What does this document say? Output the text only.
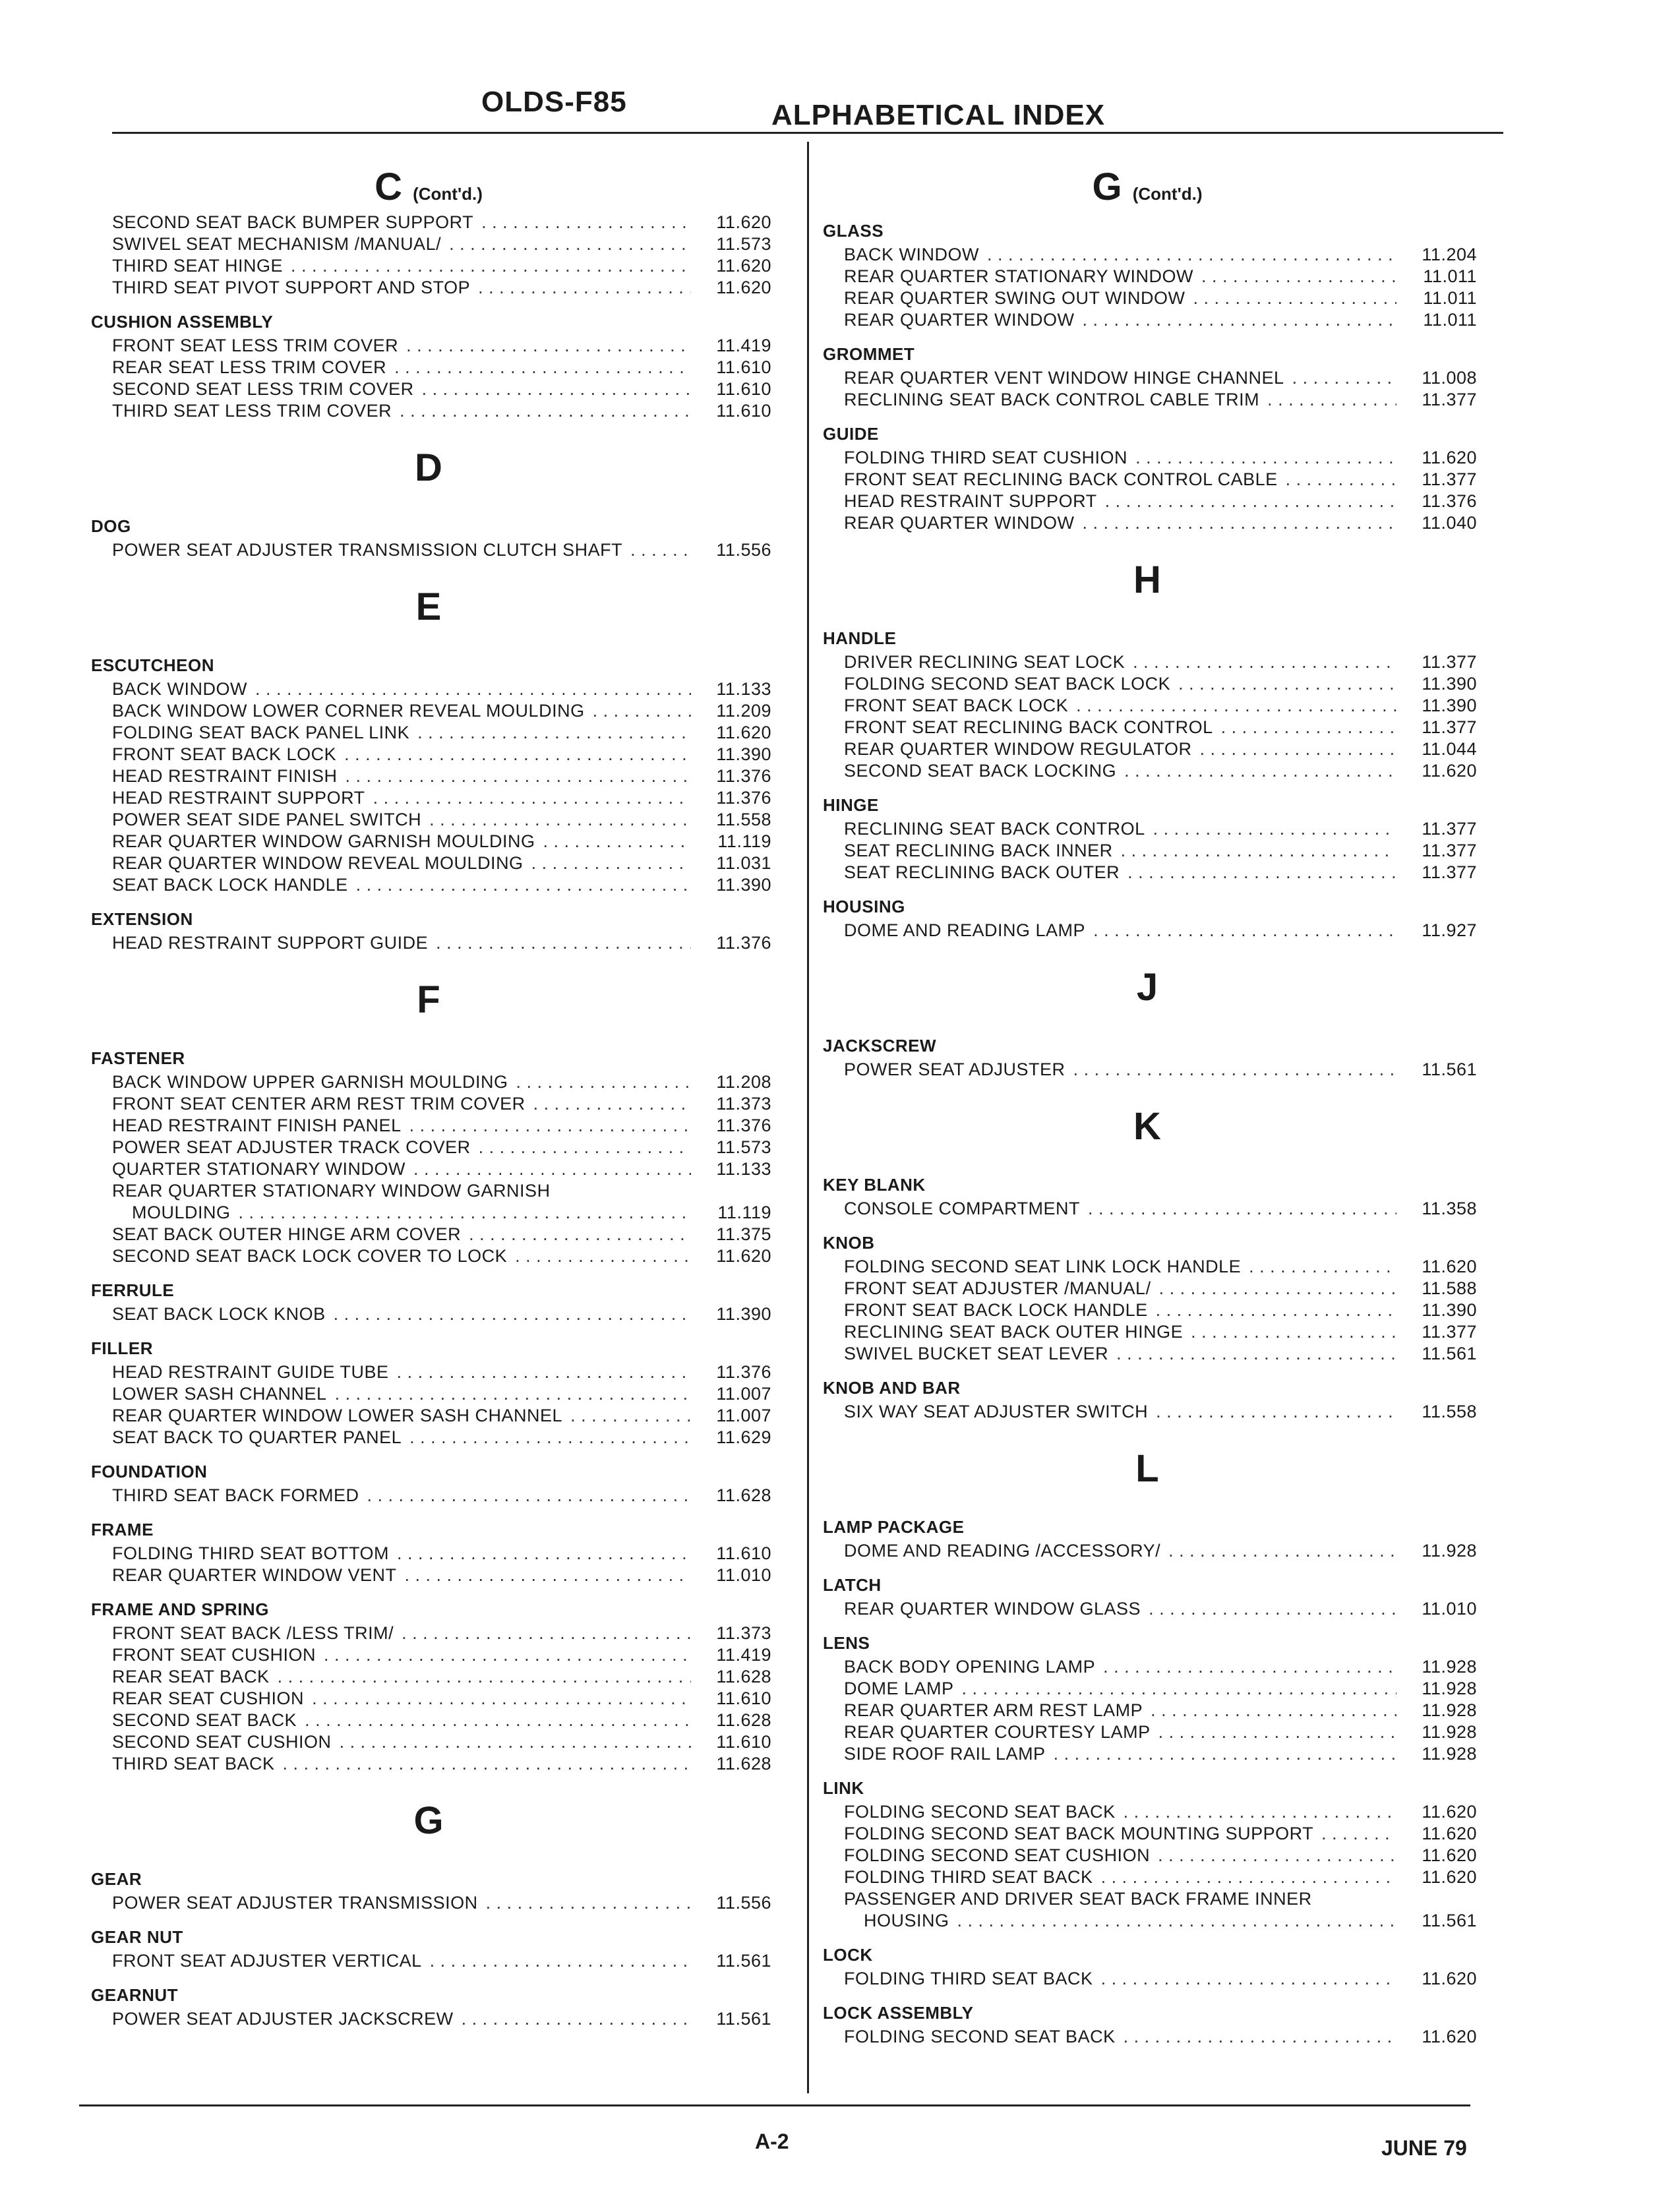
OLDS-F85	ALPHABETICAL INDEX
C (Cont'd.)
SECOND SEAT BACK BUMPER SUPPORT . . .	11.620
SWIVEL SEAT MECHANISM /MANUAL/ . . .	11.573
THIRD SEAT HINGE . . .	11.620
THIRD SEAT PIVOT SUPPORT AND STOP . . .	11.620
CUSHION ASSEMBLY
FRONT SEAT LESS TRIM COVER . . .	11.419
REAR SEAT LESS TRIM COVER . . .	11.610
SECOND SEAT LESS TRIM COVER . . .	11.610
THIRD SEAT LESS TRIM COVER . . .	11.610
D
DOG
POWER SEAT ADJUSTER TRANSMISSION CLUTCH SHAFT . . .	11.556
E
ESCUTCHEON
BACK WINDOW . . .	11.133
BACK WINDOW LOWER CORNER REVEAL MOULDING . . .	11.209
FOLDING SEAT BACK PANEL LINK . . .	11.620
FRONT SEAT BACK LOCK . . .	11.390
HEAD RESTRAINT FINISH . . .	11.376
HEAD RESTRAINT SUPPORT . . .	11.376
POWER SEAT SIDE PANEL SWITCH . . .	11.558
REAR QUARTER WINDOW GARNISH MOULDING . . .	11.119
REAR QUARTER WINDOW REVEAL MOULDING . . .	11.031
SEAT BACK LOCK HANDLE . . .	11.390
EXTENSION
HEAD RESTRAINT SUPPORT GUIDE . . .	11.376
F
FASTENER
BACK WINDOW UPPER GARNISH MOULDING . . .	11.208
FRONT SEAT CENTER ARM REST TRIM COVER . . .	11.373
HEAD RESTRAINT FINISH PANEL . . .	11.376
POWER SEAT ADJUSTER TRACK COVER . . .	11.573
QUARTER STATIONARY WINDOW . . .	11.133
REAR QUARTER STATIONARY WINDOW GARNISH
MOULDING . . .	11.119
SEAT BACK OUTER HINGE ARM COVER . . .	11.375
SECOND SEAT BACK LOCK COVER TO LOCK . . .	11.620
FERRULE
SEAT BACK LOCK KNOB . . .	11.390
FILLER
HEAD RESTRAINT GUIDE TUBE . . .	11.376
LOWER SASH CHANNEL . . .	11.007
REAR QUARTER WINDOW LOWER SASH CHANNEL . . .	11.007
SEAT BACK TO QUARTER PANEL . . .	11.629
FOUNDATION
THIRD SEAT BACK FORMED . . .	11.628
FRAME
FOLDING THIRD SEAT BOTTOM . . .	11.610
REAR QUARTER WINDOW VENT . . .	11.010
FRAME AND SPRING
FRONT SEAT BACK /LESS TRIM/ . . .	11.373
FRONT SEAT CUSHION . . .	11.419
REAR SEAT BACK . . .	11.628
REAR SEAT CUSHION . . .	11.610
SECOND SEAT BACK . . .	11.628
SECOND SEAT CUSHION . . .	11.610
THIRD SEAT BACK . . .	11.628
G
GEAR
POWER SEAT ADJUSTER TRANSMISSION . . .	11.556
GEAR NUT
FRONT SEAT ADJUSTER VERTICAL . . .	11.561
GEARNUT
POWER SEAT ADJUSTER JACKSCREW . . .	11.561
G (Cont'd.)
GLASS
BACK WINDOW . . .	11.204
REAR QUARTER STATIONARY WINDOW . . .	11.011
REAR QUARTER SWING OUT WINDOW . . .	11.011
REAR QUARTER WINDOW . . .	11.011
GROMMET
REAR QUARTER VENT WINDOW HINGE CHANNEL . . .	11.008
RECLINING SEAT BACK CONTROL CABLE TRIM . . .	11.377
GUIDE
FOLDING THIRD SEAT CUSHION . . .	11.620
FRONT SEAT RECLINING BACK CONTROL CABLE . . .	11.377
HEAD RESTRAINT SUPPORT . . .	11.376
REAR QUARTER WINDOW . . .	11.040
H
HANDLE
DRIVER RECLINING SEAT LOCK . . .	11.377
FOLDING SECOND SEAT BACK LOCK . . .	11.390
FRONT SEAT BACK LOCK . . .	11.390
FRONT SEAT RECLINING BACK CONTROL . . .	11.377
REAR QUARTER WINDOW REGULATOR . . .	11.044
SECOND SEAT BACK LOCKING . . .	11.620
HINGE
RECLINING SEAT BACK CONTROL . . .	11.377
SEAT RECLINING BACK INNER . . .	11.377
SEAT RECLINING BACK OUTER . . .	11.377
HOUSING
DOME AND READING LAMP . . .	11.927
J
JACKSCREW
POWER SEAT ADJUSTER . . .	11.561
K
KEY BLANK
CONSOLE COMPARTMENT . . .	11.358
KNOB
FOLDING SECOND SEAT LINK LOCK HANDLE . . .	11.620
FRONT SEAT ADJUSTER /MANUAL/ . . .	11.588
FRONT SEAT BACK LOCK HANDLE . . .	11.390
RECLINING SEAT BACK OUTER HINGE . . .	11.377
SWIVEL BUCKET SEAT LEVER . . .	11.561
KNOB AND BAR
SIX WAY SEAT ADJUSTER SWITCH . . .	11.558
L
LAMP PACKAGE
DOME AND READING /ACCESSORY/ . . .	11.928
LATCH
REAR QUARTER WINDOW GLASS . . .	11.010
LENS
BACK BODY OPENING LAMP . . .	11.928
DOME LAMP . . .	11.928
REAR QUARTER ARM REST LAMP . . .	11.928
REAR QUARTER COURTESY LAMP . . .	11.928
SIDE ROOF RAIL LAMP . . .	11.928
LINK
FOLDING SECOND SEAT BACK . . .	11.620
FOLDING SECOND SEAT BACK MOUNTING SUPPORT . . .	11.620
FOLDING SECOND SEAT CUSHION . . .	11.620
FOLDING THIRD SEAT BACK . . .	11.620
PASSENGER AND DRIVER SEAT BACK FRAME INNER
HOUSING . . .	11.561
LOCK
FOLDING THIRD SEAT BACK . . .	11.620
LOCK ASSEMBLY
FOLDING SECOND SEAT BACK . . .	11.620
A-2	JUNE 79
